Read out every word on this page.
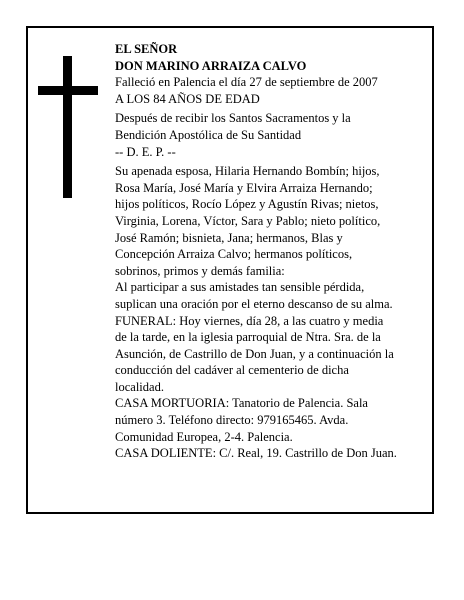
EL SEÑOR

DON MARINO ARRAIZA CALVO

Falleció en Palencia el día 27 de septiembre de 2007

A LOS 84 AÑOS DE EDAD

Después de recibir los Santos Sacramentos y la

Bendición Apostólica de Su Santidad

-- D. E. P. --

Su apenada esposa, Hilaria Hernando Bombín; hijos,

Rosa María, José María y Elvira Arraiza Hernando;

hijos políticos, Rocío López y Agustín Rivas; nietos,

Virginia, Lorena, Víctor, Sara y Pablo; nieto político,

José Ramón; bisnieta, Jana; hermanos, Blas y

Concepción Arraiza Calvo; hermanos políticos,

sobrinos, primos y demás familia:

Al participar a sus amistades tan sensible pérdida,

suplican una oración por el eterno descanso de su alma.

FUNERAL: Hoy viernes, día 28, a las cuatro y media

de la tarde, en la iglesia parroquial de Ntra. Sra. de la

Asunción, de Castrillo de Don Juan, y a continuación la

conducción del cadáver al cementerio de dicha

localidad.

CASA MORTUORIA: Tanatorio de Palencia. Sala

número 3. Teléfono directo: 979165465. Avda.

Comunidad Europea, 2-4. Palencia.

CASA DOLIENTE: C/. Real, 19. Castrillo de Don Juan.
